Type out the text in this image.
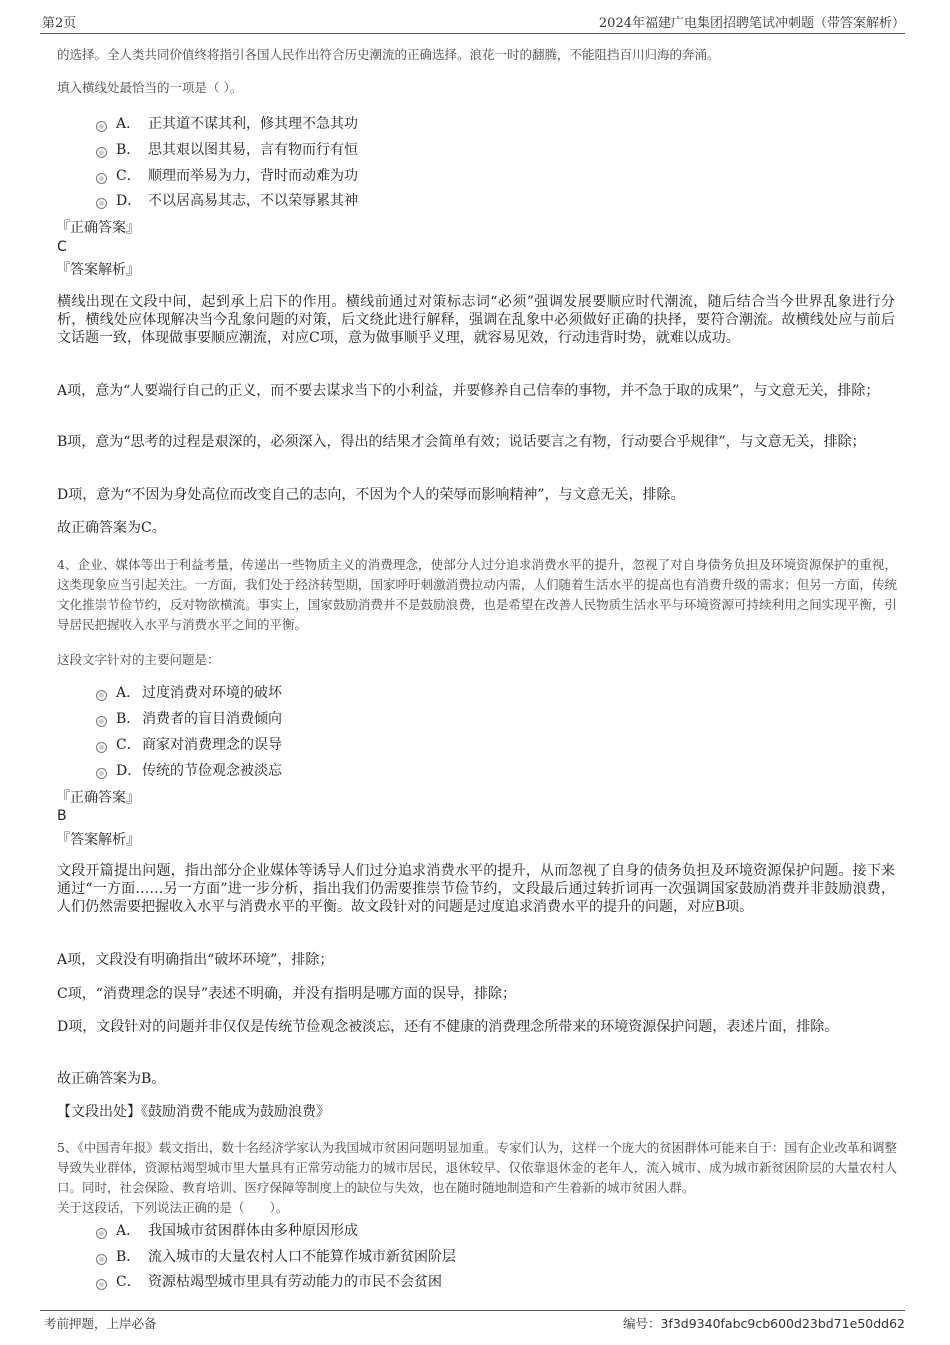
第2页	2024年福建广电集团招聘笔试冲刺题（带答案解析）
的选择。全人类共同价值终将指引各国人民作出符合历史潮流的正确选择。浪花一时的翻腾，不能阻挡百川归海的奔涌。
填入横线处最恰当的一项是（ ）。
A． 正其道不谋其利，修其理不急其功
B． 思其艰以图其易，言有物而行有恒
C． 顺理而举易为力，背时而动难为功
D． 不以居高易其志，不以荣辱累其神
『正确答案』
C
『答案解析』
横线出现在文段中间，起到承上启下的作用。横线前通过对策标志词“必须”强调发展要顺应时代潮流，随后结合当今世界乱象进行分析，横线处应体现解决当今乱象问题的对策，后文绕此进行解释，强调在乱象中必须做好正确的抉择，要符合潮流。故横线处应与前后文话题一致，体现做事要顺应潮流，对应C项，意为做事顺乎义理，就容易见效，行动违背时势，就难以成功。
A项，意为“人要端行自己的正义，而不要去谋求当下的小利益，并要修养自己信奉的事物，并不急于取的成果”，与文意无关，排除；
B项，意为“思考的过程是艰深的，必须深入，得出的结果才会简单有效；说话要言之有物，行动要合乎规律”，与文意无关，排除；
D项，意为“不因为身处高位而改变自己的志向，不因为个人的荣辱而影响精神”，与文意无关，排除。
故正确答案为C。
4、企业、媒体等出于利益考量，传递出一些物质主义的消费理念，使部分人过分追求消费水平的提升，忽视了对自身债务负担及环境资源保护的重视，这类现象应当引起关注。一方面，我们处于经济转型期，国家呼吁刺激消费拉动内需，人们随着生活水平的提高也有消费升级的需求；但另一方面，传统文化推崇节俭节约，反对物欲横流。事实上，国家鼓励消费并不是鼓励浪费，也是希望在改善人民物质生活水平与环境资源可持续利用之间实现平衡，引导居民把握收入水平与消费水平之间的平衡。
这段文字针对的主要问题是：
A． 过度消费对环境的破坏
B． 消费者的盲目消费倾向
C． 商家对消费理念的误导
D． 传统的节俭观念被淡忘
『正确答案』
B
『答案解析』
文段开篇提出问题，指出部分企业媒体等诱导人们过分追求消费水平的提升，从而忽视了自身的债务负担及环境资源保护问题。接下来通过“一方面……另一方面”进一步分析，指出我们仍需要推崇节俭节约，文段最后通过转折词再一次强调国家鼓励消费并非鼓励浪费，人们仍然需要把握收入水平与消费水平的平衡。故文段针对的问题是过度追求消费水平的提升的问题，对应B项。
A项，文段没有明确指出“破坏环境”，排除；
C项，“消费理念的误导”表述不明确，并没有指明是哪方面的误导，排除；
D项，文段针对的问题并非仅仅是传统节俭观念被淡忘，还有不健康的消费理念所带来的环境资源保护问题，表述片面，排除。
故正确答案为B。
【文段出处】《鼓励消费不能成为鼓励浪费》
5、《中国青年报》载文指出，数十名经济学家认为我国城市贫困问题明显加重。专家们认为，这样一个庞大的贫困群体可能来自于：国有企业改革和调整导致失业群体，资源枯竭型城市里大量具有正常劳动能力的城市居民，退休较早、仅依靠退休金的老年人，流入城市、成为城市新贫困阶层的大量农村人口。同时，社会保险、教育培训、医疗保障等制度上的缺位与失效，也在随时随地制造和产生着新的城市贫困人群。
关于这段话，下列说法正确的是（　　）。
A． 我国城市贫困群体由多种原因形成
B． 流入城市的大量农村人口不能算作城市新贫困阶层
C． 资源枯竭型城市里具有劳动能力的市民不会贫困
考前押题，上岸必备	编号：3f3d9340fabc9cb600d23bd71e50dd62
